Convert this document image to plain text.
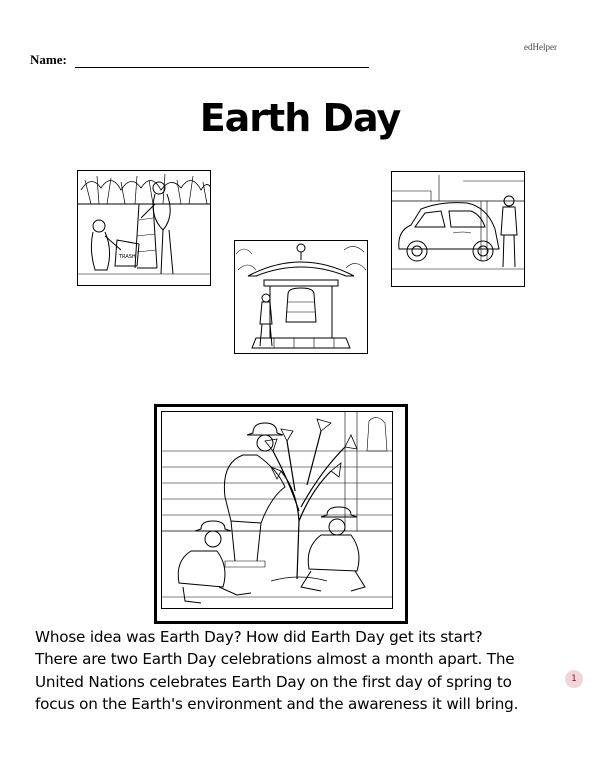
edHelper
Name:
Earth Day
TRASH

Whose idea was Earth Day? How did Earth Day get its start?

There are two Earth Day celebrations almost a month apart. The

United Nations celebrates Earth Day on the first day of spring to

focus on the Earth's environment and the awareness it will bring.

1
